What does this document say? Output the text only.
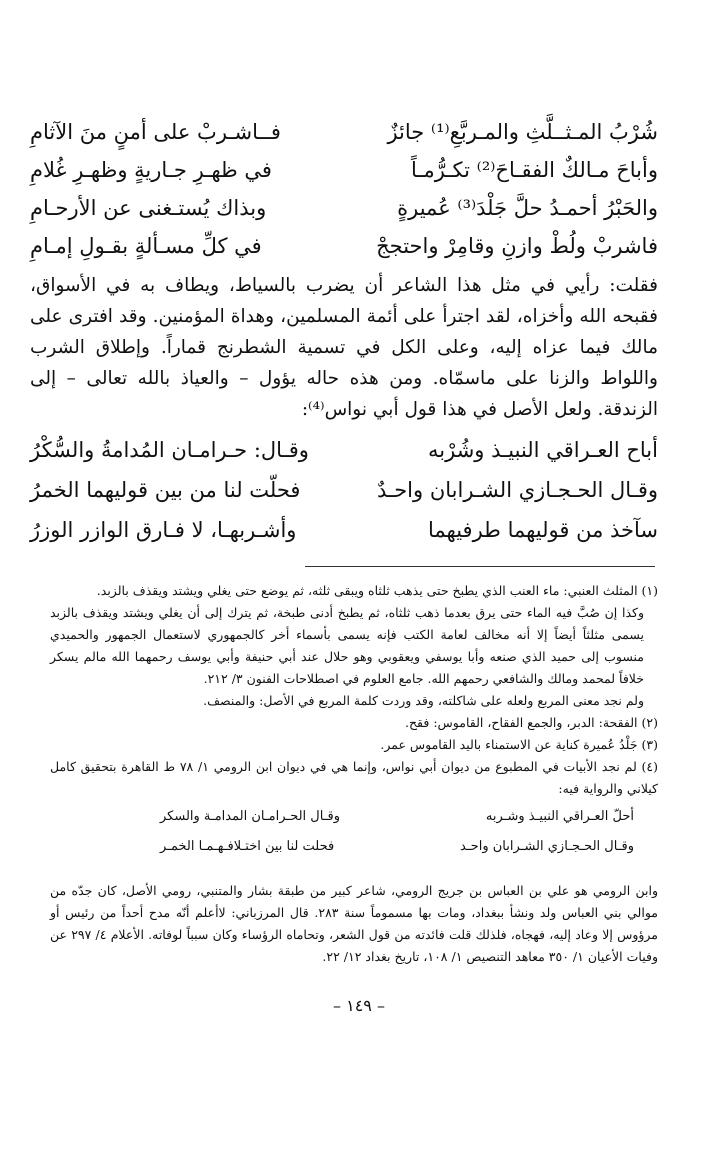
شُرْبُ المـثــلَّثِ والمـربَّعِ⁽¹⁾ جائزٌ
فــاشـربْ على أمنٍ منَ الآثامِ
وأباحَ مـالكٌ الفقـاحَ⁽²⁾ تكـرُّمـاً
في ظهـرِ جـاريةٍ وظهـرِ غُلامِ
والحَبْرُ أحمـدُ حلَّ جَلْدَ⁽³⁾ عُميرةٍ
وبذاك يُستـغنى عن الأرحـامِ
فاشربْ ولُطْ وازنِ وقامِرْ واحتججْ
في كلِّ مسـألةٍ بقـولِ إمـامِ
فقلت: رأيي في مثل هذا الشاعر أن يضرب بالسياط، ويطاف به في الأسواق، فقبحه الله وأخزاه، لقد اجترأ على أئمة المسلمين، وهداة المؤمنين. وقد افترى على مالك فيما عزاه إليه، وعلى الكل في تسمية الشطرنج قماراً. وإطلاق الشرب واللواط والزنا على ماسمّاه. ومن هذه حاله يؤول – والعياذ بالله تعالى – إلى الزندقة. ولعل الأصل في هذا قول أبي نواس⁽⁴⁾:
أباح العـراقي النبيـذ وشُرْبه
وقـال: حـرامـان المُدامةُ والسُّكْرُ
وقـال الحـجـازي الشـرابان واحـدٌ
فحلّت لنا من بين قوليهما الخمرُ
سآخذ من قوليهما طرفيهما
وأشـربهـا، لا فـارق الوازر الوزرُ

(١) المثلث العنبي: ماء العنب الذي يطبخ حتى يذهب ثلثاه ويبقى ثلثه، ثم يوضع حتى يغلي ويشتد ويقذف بالزبد.

وكذا إن صُبَّ فيه الماء حتى يرق بعدما ذهب ثلثاه، ثم يطبخ أدنى طبخة، ثم يترك إلى أن يغلي ويشتد ويقذف بالزبد يسمى مثلثاً أيضاً إلا أنه مخالف لعامة الكتب فإنه يسمى بأسماء أخر كالجمهوري لاستعمال الجمهور والحميدي منسوب إلى حميد الذي صنعه وأبا يوسفي ويعقوبي وهو حلال عند أبي حنيفة وأبي يوسف رحمهما الله مالم يسكر خلافاً لمحمد ومالك والشافعي رحمهم الله. جامع العلوم في اصطلاحات الفنون ٣/ ٢١٢.

ولم نجد معنى المربع ولعله على شاكلته، وقد وردت كلمة المربع في الأصل: والمنصف.

(٢) الفقحة: الدبر، والجمع الفقاح، القاموس: فقح.

(٣) جَلْدُ عُميرة كناية عن الاستمناء باليد القاموس عمر.

(٤) لم نجد الأبيات في المطبوع من ديوان أبي نواس، وإنما هي في ديوان ابن الرومي ١/ ٧٨ ط القاهرة بتحقيق كامل كيلاني والرواية فيه:

أحلّ العـراقي النبيـذ وشـربه
وقـال الحـرامـان المدامـة والسكر
وقـال الحـجـازي الشـرابان واحـد
فحلت لنا بين اختـلافـهـمـا الخمـر
وابن الرومي هو علي بن العباس بن جريج الرومي، شاعر كبير من طبقة بشار والمتنبي، رومي الأصل، كان جدّه من موالي بني العباس ولد ونشأ ببغداد، ومات بها مسموماً سنة ٢٨٣. قال المرزباني: لاأعلم أنّه مدح أحداً من رئيس أو مرؤوس إلا وعاد إليه، فهجاه، فلذلك قلت فائدته من قول الشعر، وتحاماه الرؤساء وكان سبباً لوفاته. الأعلام ٤/ ٢٩٧ عن وفيات الأعيان ١/ ٣٥٠ معاهد التنصيص ١/ ١٠٨، تاريخ بغداد ١٢/ ٢٢.
– ١٤٩ –
